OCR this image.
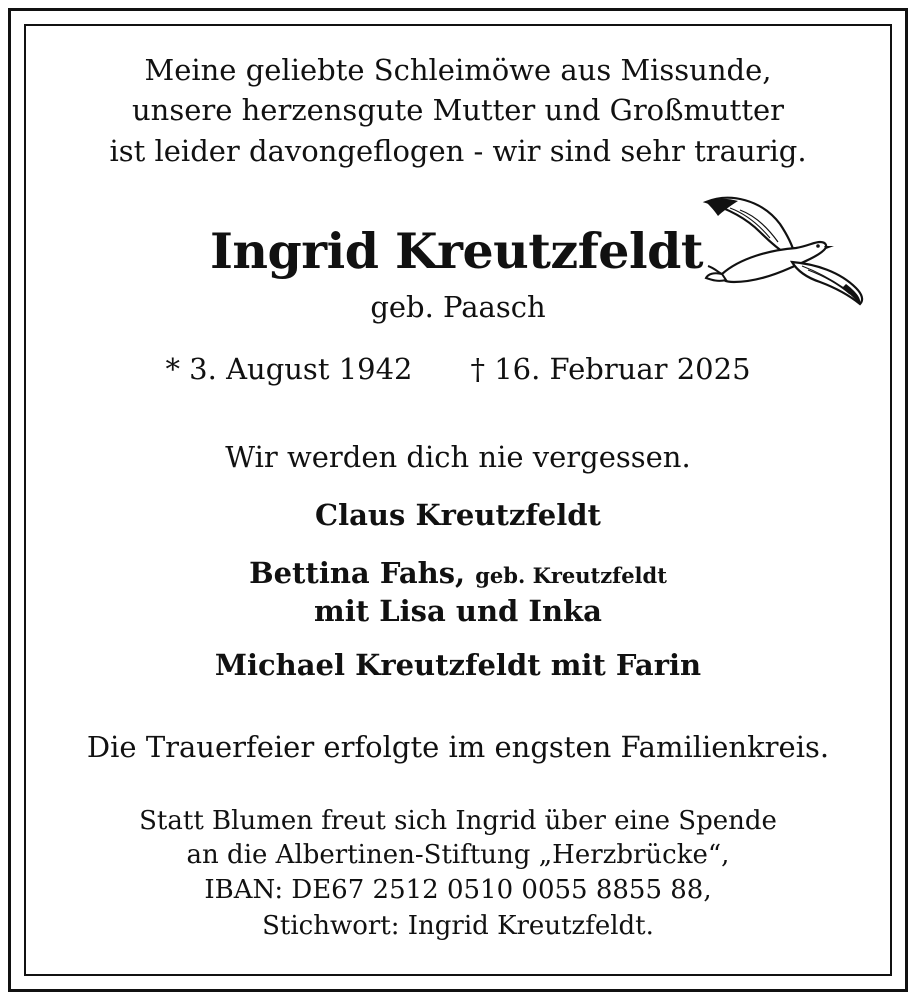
Meine geliebte Schleimöwe aus Missunde,

unsere herzensgute Mutter und Großmutter

ist leider davongeflogen - wir sind sehr traurig.

Ingrid Kreutzfeldt

geb. Paasch

* 3. August 1942 † 16. Februar 2025

Wir werden dich nie vergessen.

Claus Kreutzfeldt

Bettina Fahs, geb. Kreutzfeldt

mit Lisa und Inka

Michael Kreutzfeldt mit Farin

Die Trauerfeier erfolgte im engsten Familienkreis.

Statt Blumen freut sich Ingrid über eine Spende

an die Albertinen-Stiftung „Herzbrücke“,

IBAN: DE67 2512 0510 0055 8855 88,

Stichwort: Ingrid Kreutzfeldt.
